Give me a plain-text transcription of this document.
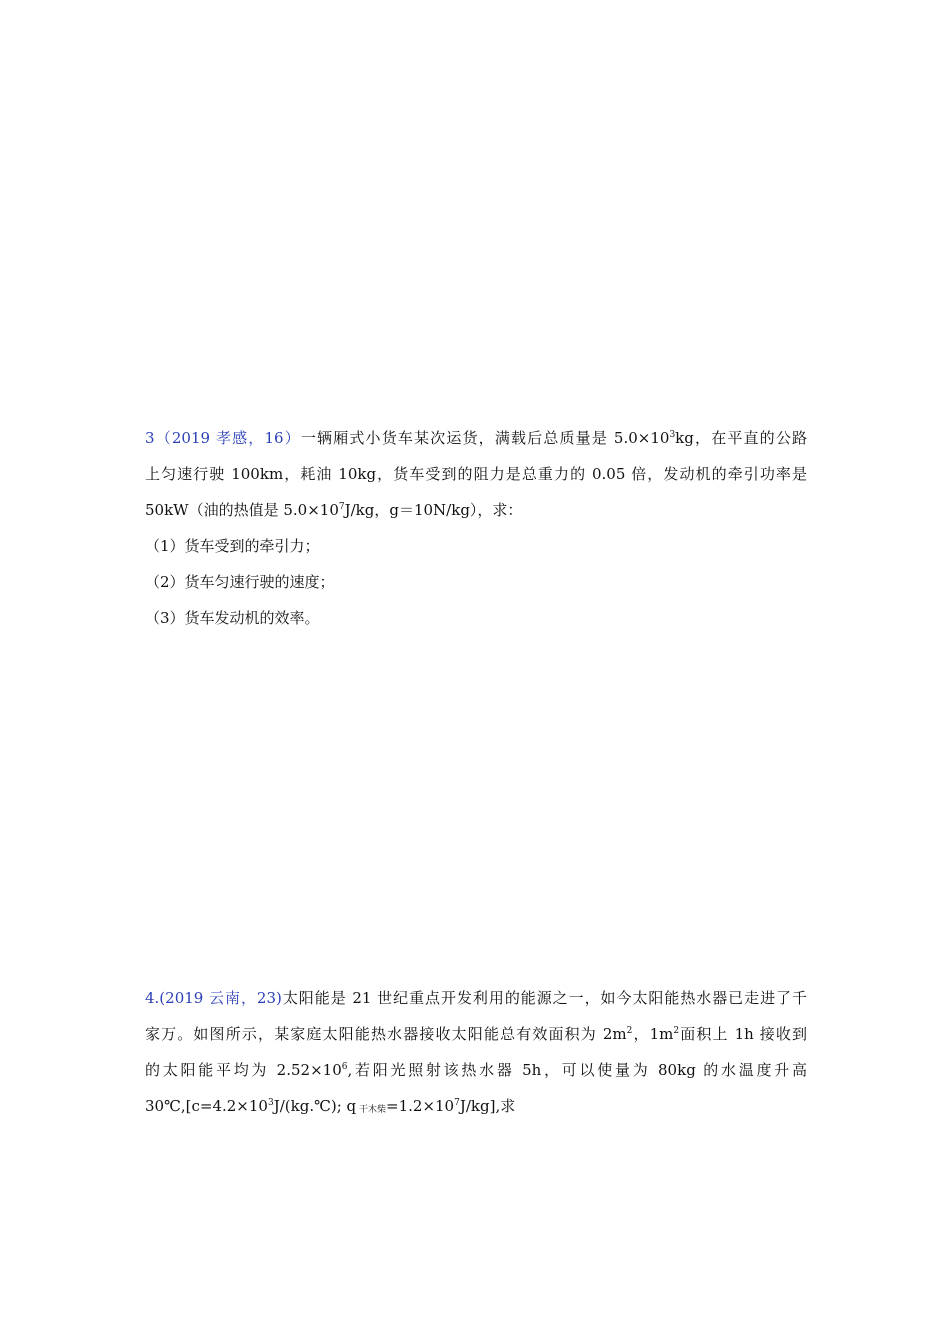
3（2019 孝感，16）一辆厢式小货车某次运货，满载后总质量是 $5.0\times 10^3kg$，在平直的公路
上匀速行驶 100km，耗油 10kg，货车受到的阻力是总重力的 0.05 倍，发动机的牵引功率是
50kW（油的热值是 $5.0\times 10^7J/kg$，g＝10N/kg），求：
（1）货车受到的牵引力；
（2）货车匀速行驶的速度；
（3）货车发动机的效率。
4.(2019 云南，23)太阳能是 21 世纪重点开发利用的能源之一，如今太阳能热水器已走进了千
家万。如图所示，某家庭太阳能热水器接收太阳能总有效面积为 $2m^2$，$1m^2$面积上 1h 接收到
的太阳能平均为 $2.52\times 10^6$,若阳光照射该热水器 5h，可以使量为 80kg 的水温度升高
$30℃,[c=4.2\times 10^3J/(kg.℃)$; q 干木柴$=1.2\times 10^7J/kg$],求
